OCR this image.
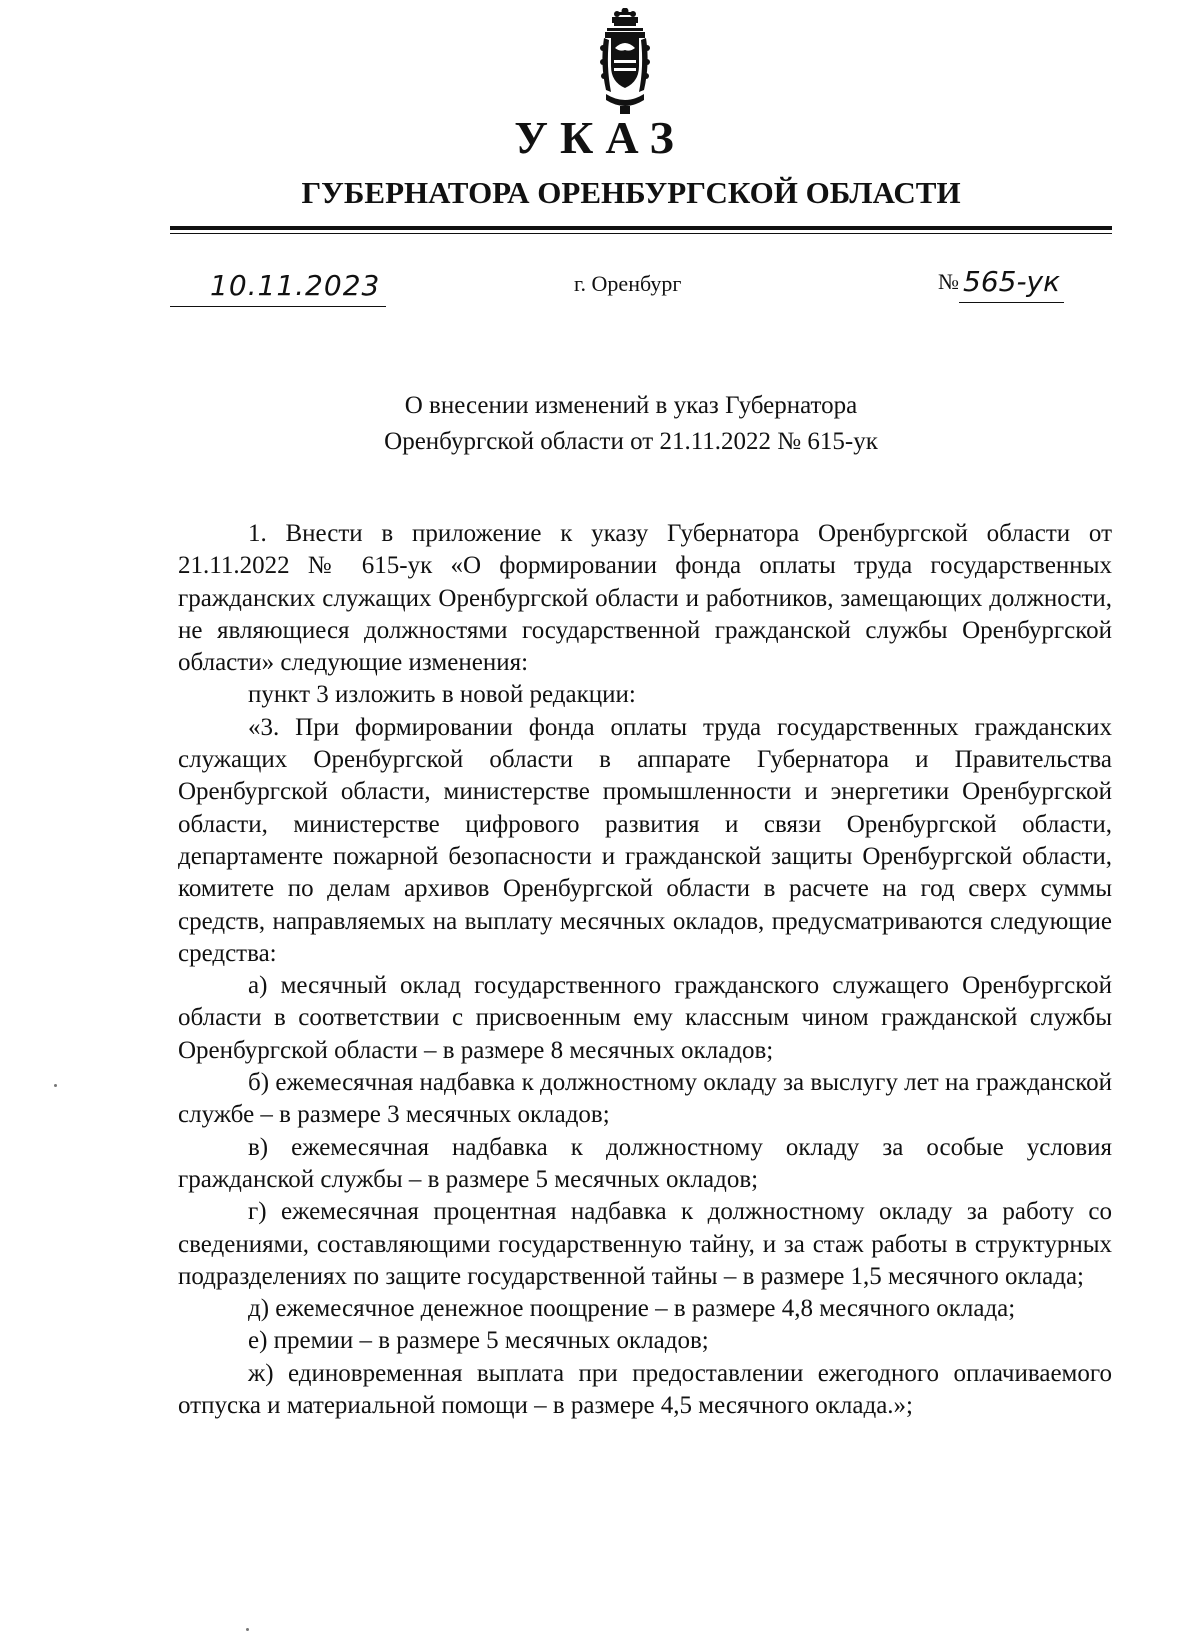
УКАЗ
ГУБЕРНАТОРА ОРЕНБУРГСКОЙ ОБЛАСТИ
10.11.2023	г. Оренбург	№ 565-ук
О внесении изменений в указ Губернатора
Оренбургской области от 21.11.2022 № 615-ук

1. Внести в приложение к указу Губернатора Оренбургской области от 21.11.2022 № 615-ук «О формировании фонда оплаты труда государственных гражданских служащих Оренбургской области и работников, замещающих должности, не являющиеся должностями государственной гражданской службы Оренбургской области» следующие изменения:

пункт 3 изложить в новой редакции:

«3. При формировании фонда оплаты труда государственных гражданских служащих Оренбургской области в аппарате Губернатора и Правительства Оренбургской области, министерстве промышленности и энергетики Оренбургской области, министерстве цифрового развития и связи Оренбургской области, департаменте пожарной безопасности и гражданской защиты Оренбургской области, комитете по делам архивов Оренбургской области в расчете на год сверх суммы средств, направляемых на выплату месячных окладов, предусматриваются следующие средства:

а) месячный оклад государственного гражданского служащего Оренбургской области в соответствии с присвоенным ему классным чином гражданской службы Оренбургской области – в размере 8 месячных окладов;

б) ежемесячная надбавка к должностному окладу за выслугу лет на гражданской службе – в размере 3 месячных окладов;

в) ежемесячная надбавка к должностному окладу за особые условия гражданской службы – в размере 5 месячных окладов;

г) ежемесячная процентная надбавка к должностному окладу за работу со сведениями, составляющими государственную тайну, и за стаж работы в структурных подразделениях по защите государственной тайны – в размере 1,5 месячного оклада;

д) ежемесячное денежное поощрение – в размере 4,8 месячного оклада;

е) премии – в размере 5 месячных окладов;

ж) единовременная выплата при предоставлении ежегодного оплачиваемого отпуска и материальной помощи – в размере 4,5 месячного оклада.»;
